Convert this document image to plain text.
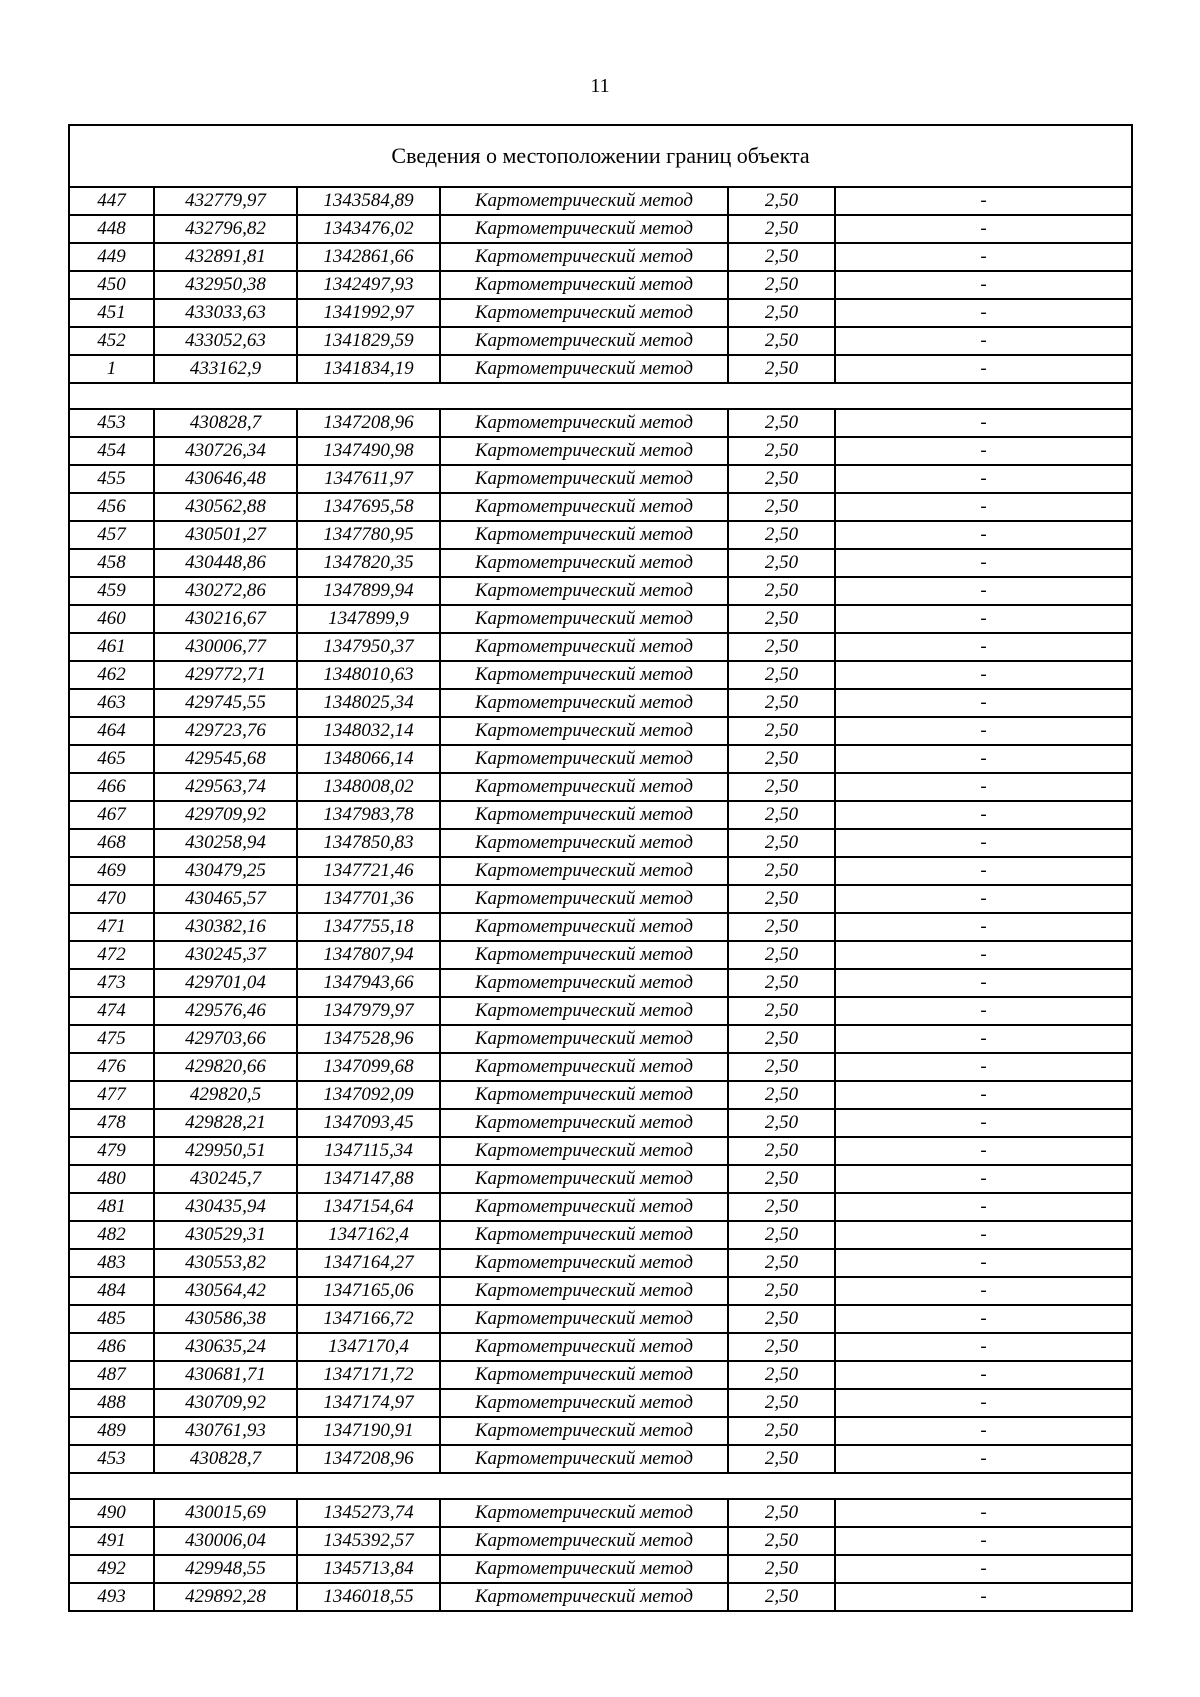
11
Сведения о местоположении границ объекта					
447	432779,97	1343584,89	Картометрический метод	2,50	-
448	432796,82	1343476,02	Картометрический метод	2,50	-
449	432891,81	1342861,66	Картометрический метод	2,50	-
450	432950,38	1342497,93	Картометрический метод	2,50	-
451	433033,63	1341992,97	Картометрический метод	2,50	-
452	433052,63	1341829,59	Картометрический метод	2,50	-
1	433162,9	1341834,19	Картометрический метод	2,50	-

453	430828,7	1347208,96	Картометрический метод	2,50	-
454	430726,34	1347490,98	Картометрический метод	2,50	-
455	430646,48	1347611,97	Картометрический метод	2,50	-
456	430562,88	1347695,58	Картометрический метод	2,50	-
457	430501,27	1347780,95	Картометрический метод	2,50	-
458	430448,86	1347820,35	Картометрический метод	2,50	-
459	430272,86	1347899,94	Картометрический метод	2,50	-
460	430216,67	1347899,9	Картометрический метод	2,50	-
461	430006,77	1347950,37	Картометрический метод	2,50	-
462	429772,71	1348010,63	Картометрический метод	2,50	-
463	429745,55	1348025,34	Картометрический метод	2,50	-
464	429723,76	1348032,14	Картометрический метод	2,50	-
465	429545,68	1348066,14	Картометрический метод	2,50	-
466	429563,74	1348008,02	Картометрический метод	2,50	-
467	429709,92	1347983,78	Картометрический метод	2,50	-
468	430258,94	1347850,83	Картометрический метод	2,50	-
469	430479,25	1347721,46	Картометрический метод	2,50	-
470	430465,57	1347701,36	Картометрический метод	2,50	-
471	430382,16	1347755,18	Картометрический метод	2,50	-
472	430245,37	1347807,94	Картометрический метод	2,50	-
473	429701,04	1347943,66	Картометрический метод	2,50	-
474	429576,46	1347979,97	Картометрический метод	2,50	-
475	429703,66	1347528,96	Картометрический метод	2,50	-
476	429820,66	1347099,68	Картометрический метод	2,50	-
477	429820,5	1347092,09	Картометрический метод	2,50	-
478	429828,21	1347093,45	Картометрический метод	2,50	-
479	429950,51	1347115,34	Картометрический метод	2,50	-
480	430245,7	1347147,88	Картометрический метод	2,50	-
481	430435,94	1347154,64	Картометрический метод	2,50	-
482	430529,31	1347162,4	Картометрический метод	2,50	-
483	430553,82	1347164,27	Картометрический метод	2,50	-
484	430564,42	1347165,06	Картометрический метод	2,50	-
485	430586,38	1347166,72	Картометрический метод	2,50	-
486	430635,24	1347170,4	Картометрический метод	2,50	-
487	430681,71	1347171,72	Картометрический метод	2,50	-
488	430709,92	1347174,97	Картометрический метод	2,50	-
489	430761,93	1347190,91	Картометрический метод	2,50	-
453	430828,7	1347208,96	Картометрический метод	2,50	-

490	430015,69	1345273,74	Картометрический метод	2,50	-
491	430006,04	1345392,57	Картометрический метод	2,50	-
492	429948,55	1345713,84	Картометрический метод	2,50	-
493	429892,28	1346018,55	Картометрический метод	2,50	-
